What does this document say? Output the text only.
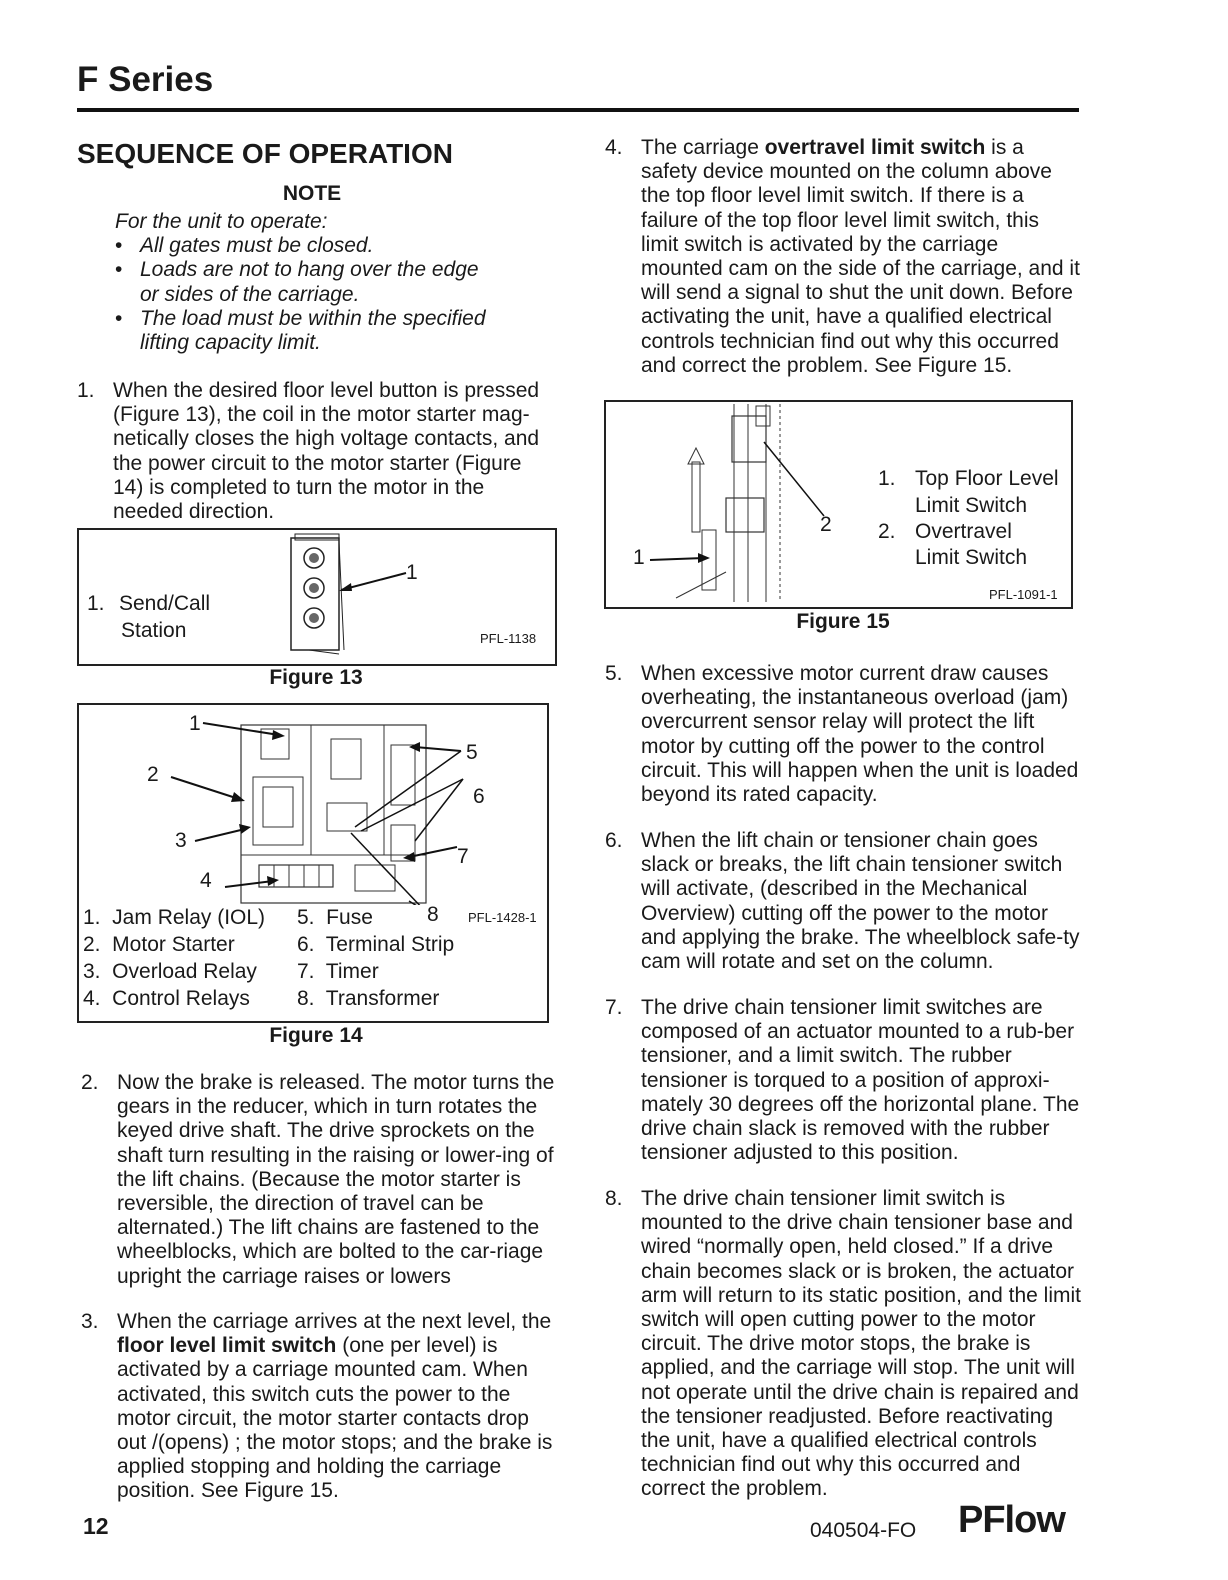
F Series
SEQUENCE OF OPERATION
NOTE
For the unit to operate:
• All gates must be closed.
• Loads are not to hang over the edge or sides of the carriage.
• The load must be within the specified lifting capacity limit.
1. When the desired floor level button is pressed (Figure 13), the coil in the motor starter mag-netically closes the high voltage contacts, and the power circuit to the motor starter (Figure 14) is completed to turn the motor in the needed direction.
1. Send/Call
Station
1
PFL-1138
Figure 13
1
2
3
4
5
6
7
8 PFL-1428-1
1.  Jam Relay (IOL)
2.  Motor Starter
3.  Overload Relay
4.  Control Relays
5.  Fuse
6.  Terminal Strip
7.  Timer
8.  Transformer
Figure 14
2. Now the brake is released. The motor turns the gears in the reducer, which in turn rotates the keyed drive shaft. The drive sprockets on the shaft turn resulting in the raising or lower-ing of the lift chains. (Because the motor starter is reversible, the direction of travel can be alternated.) The lift chains are fastened to the wheelblocks, which are bolted to the car-riage upright the carriage raises or lowers
3. When the carriage arrives at the next level, the floor level limit switch (one per level) is activated by a carriage mounted cam. When activated, this switch cuts the power to the motor circuit, the motor starter contacts drop out /(opens) ; the motor stops; and the brake is applied stopping and holding the carriage position. See Figure 15.
4. The carriage overtravel limit switch is a safety device mounted on the column above the top floor level limit switch. If there is a failure of the top floor level limit switch, this limit switch is activated by the carriage mounted cam on the side of the carriage, and it will send a signal to shut the unit down. Before activating the unit, have a qualified electrical controls technician find out why this occurred and correct the problem. See Figure 15.
1
2
1. Top Floor Level
Limit Switch
2. Overtravel
Limit Switch
PFL-1091-1
Figure 15
5. When excessive motor current draw causes overheating, the instantaneous overload (jam) overcurrent sensor relay will protect the lift motor by cutting off the power to the control circuit. This will happen when the unit is loaded beyond its rated capacity.
6. When the lift chain or tensioner chain goes slack or breaks, the lift chain tensioner switch will activate, (described in the Mechanical Overview) cutting off the power to the motor and applying the brake. The wheelblock safe-ty cam will rotate and set on the column.
7. The drive chain tensioner limit switches are composed of an actuator mounted to a rub-ber tensioner, and a limit switch. The rubber tensioner is torqued to a position of approxi-mately 30 degrees off the horizontal plane. The drive chain slack is removed with the rubber tensioner adjusted to this position.
8. The drive chain tensioner limit switch is mounted to the drive chain tensioner base and wired “normally open, held closed.” If a drive chain becomes slack or is broken, the actuator arm will return to its static position, and the limit switch will open cutting power to the motor circuit. The drive motor stops, the brake is applied, and the carriage will stop. The unit will not operate until the drive chain is repaired and the tensioner readjusted. Before reactivating the unit, have a qualified electrical controls technician find out why this occurred and correct the problem.
12	040504-FO PFlow
